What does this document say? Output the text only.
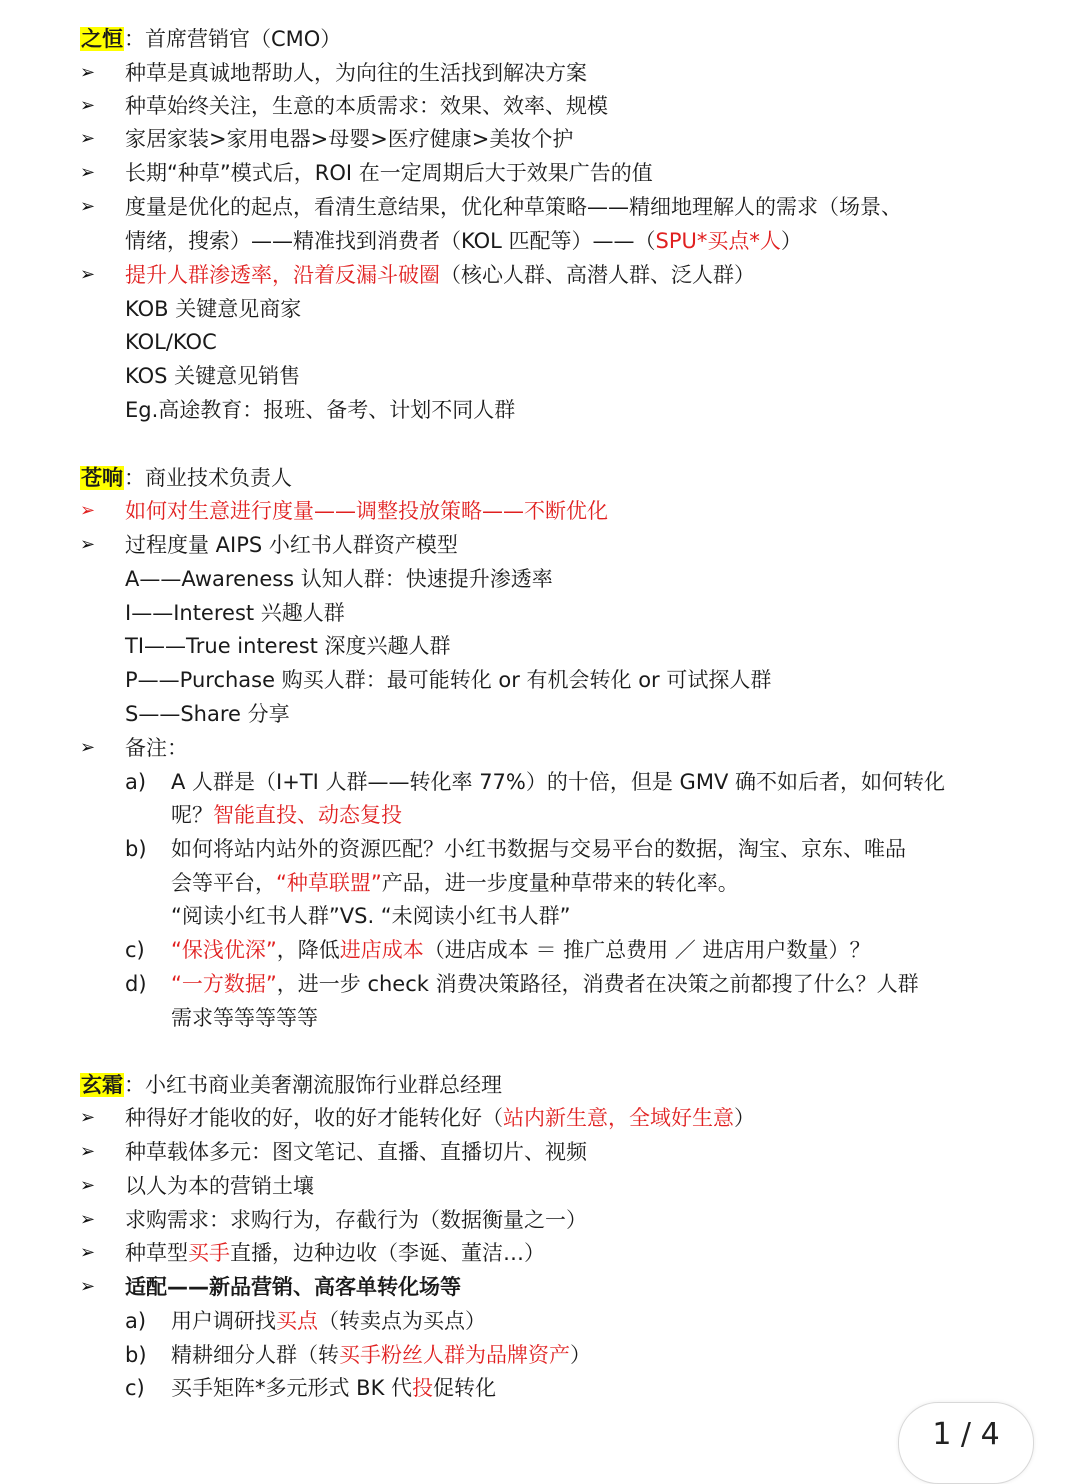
之恒：首席营销官（CMO）
➢ 种草是真诚地帮助人，为向往的生活找到解决方案
➢ 种草始终关注，生意的本质需求：效果、效率、规模
➢ 家居家装>家用电器>母婴>医疗健康>美妆个护
➢ 长期“种草”模式后，ROI 在一定周期后大于效果广告的值
➢ 度量是优化的起点，看清生意结果，优化种草策略——精细地理解人的需求（场景、
情绪，搜索）——精准找到消费者（KOL 匹配等）——（SPU*买点*人）
➢ 提升人群渗透率，沿着反漏斗破圈（核心人群、高潜人群、泛人群）
KOB 关键意见商家
KOL/KOC
KOS 关键意见销售
Eg.高途教育：报班、备考、计划不同人群
苍响：商业技术负责人
➢ 如何对生意进行度量——调整投放策略——不断优化
➢ 过程度量 AIPS 小红书人群资产模型
A——Awareness 认知人群：快速提升渗透率
I——Interest 兴趣人群
TI——True interest 深度兴趣人群
P——Purchase 购买人群：最可能转化 or 有机会转化 or 可试探人群
S——Share 分享
➢ 备注：
a) A 人群是（I+TI 人群——转化率 77%）的十倍，但是 GMV 确不如后者，如何转化
呢？智能直投、动态复投
b) 如何将站内站外的资源匹配？小红书数据与交易平台的数据，淘宝、京东、唯品
会等平台，“种草联盟”产品，进一步度量种草带来的转化率。
“阅读小红书人群”VS. “未阅读小红书人群”
c) “保浅优深”，降低进店成本（进店成本 ＝ 推广总费用 ／ 进店用户数量）？
d) “一方数据”，进一步 check 消费决策路径，消费者在决策之前都搜了什么？人群
需求等等等等等
玄霜：小红书商业美奢潮流服饰行业群总经理
➢ 种得好才能收的好，收的好才能转化好（站内新生意，全域好生意）
➢ 种草载体多元：图文笔记、直播、直播切片、视频
➢ 以人为本的营销土壤
➢ 求购需求：求购行为，存截行为（数据衡量之一）
➢ 种草型买手直播，边种边收（李诞、董洁…）
➢ 适配——新品营销、高客单转化场等
a) 用户调研找买点（转卖点为买点）
b) 精耕细分人群（转买手粉丝人群为品牌资产）
c) 买手矩阵*多元形式 BK 代投促转化
1 / 4
